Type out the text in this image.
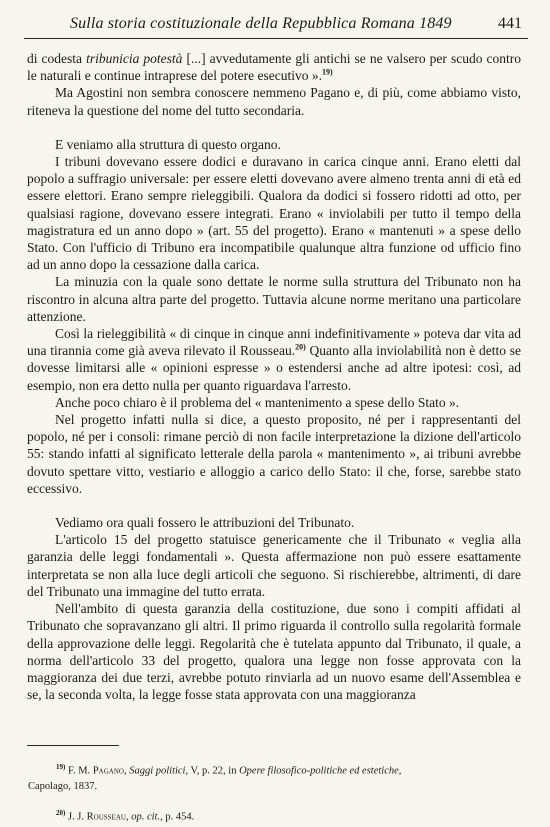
Sulla storia costituzionale della Repubblica Romana 1849	441

di codesta tribunicia potestà [...] avvedutamente gli antichi se ne valsero per scudo contro le naturali e continue intraprese del potere esecutivo ».$^{19)}$

Ma Agostini non sembra conoscere nemmeno Pagano e, di più, come abbiamo visto, riteneva la questione del nome del tutto secondaria.

E veniamo alla struttura di questo organo.

I tribuni dovevano essere dodici e duravano in carica cinque anni. Erano eletti dal popolo a suffragio universale: per essere eletti dovevano avere almeno trenta anni di età ed essere elettori. Erano sempre rieleggibili. Qualora da dodici si fossero ridotti ad otto, per qualsiasi ragione, dovevano essere integrati. Erano « inviolabili per tutto il tempo della magistratura ed un anno dopo » (art. 55 del progetto). Erano « mantenuti » a spese dello Stato. Con l'ufficio di Tribuno era incompatibile qualunque altra funzione od ufficio fino ad un anno dopo la cessazione dalla carica.

La minuzia con la quale sono dettate le norme sulla struttura del Tribunato non ha riscontro in alcuna altra parte del progetto. Tuttavia alcune norme meritano una particolare attenzione.

Così la rieleggibilità « di cinque in cinque anni indefinitivamente » poteva dar vita ad una tirannia come già aveva rilevato il Rousseau.$^{20)}$ Quanto alla inviolabilità non è detto se dovesse limitarsi alle « opinioni espresse » o estendersi anche ad altre ipotesi: così, ad esempio, non era detto nulla per quanto riguardava l'arresto.

Anche poco chiaro è il problema del « mantenimento a spese dello Stato ».

Nel progetto infatti nulla si dice, a questo proposito, né per i rappresentanti del popolo, né per i consoli: rimane perciò di non facile interpretazione la dizione dell'articolo 55: stando infatti al significato letterale della parola « mantenimento », ai tribuni avrebbe dovuto spettare vitto, vestiario e alloggio a carico dello Stato: il che, forse, sarebbe stato eccessivo.

Vediamo ora quali fossero le attribuzioni del Tribunato.

L'articolo 15 del progetto statuisce genericamente che il Tribunato « veglia alla garanzia delle leggi fondamentali ». Questa affermazione non può essere esattamente interpretata se non alla luce degli articoli che seguono. Si rischierebbe, altrimenti, di dare del Tribunato una immagine del tutto errata.

Nell'ambito di questa garanzia della costituzione, due sono i compiti affidati al Tribunato che sopravanzano gli altri. Il primo riguarda il controllo sulla regolarità formale della approvazione delle leggi. Regolarità che è tutelata appunto dal Tribunato, il quale, a norma dell'articolo 33 del progetto, qualora una legge non fosse approvata con la maggioranza dei due terzi, avrebbe potuto rinviarla ad un nuovo esame dell'Assemblea e se, la seconda volta, la legge fosse stata approvata con una maggioranza

$^{19)}$ F. M. Pagano, Saggi politici, V, p. 22, in Opere filosofico-politiche ed estetiche,

Capolago, 1837.

$^{20)}$ J. J. Rousseau, op. cit., p. 454.
